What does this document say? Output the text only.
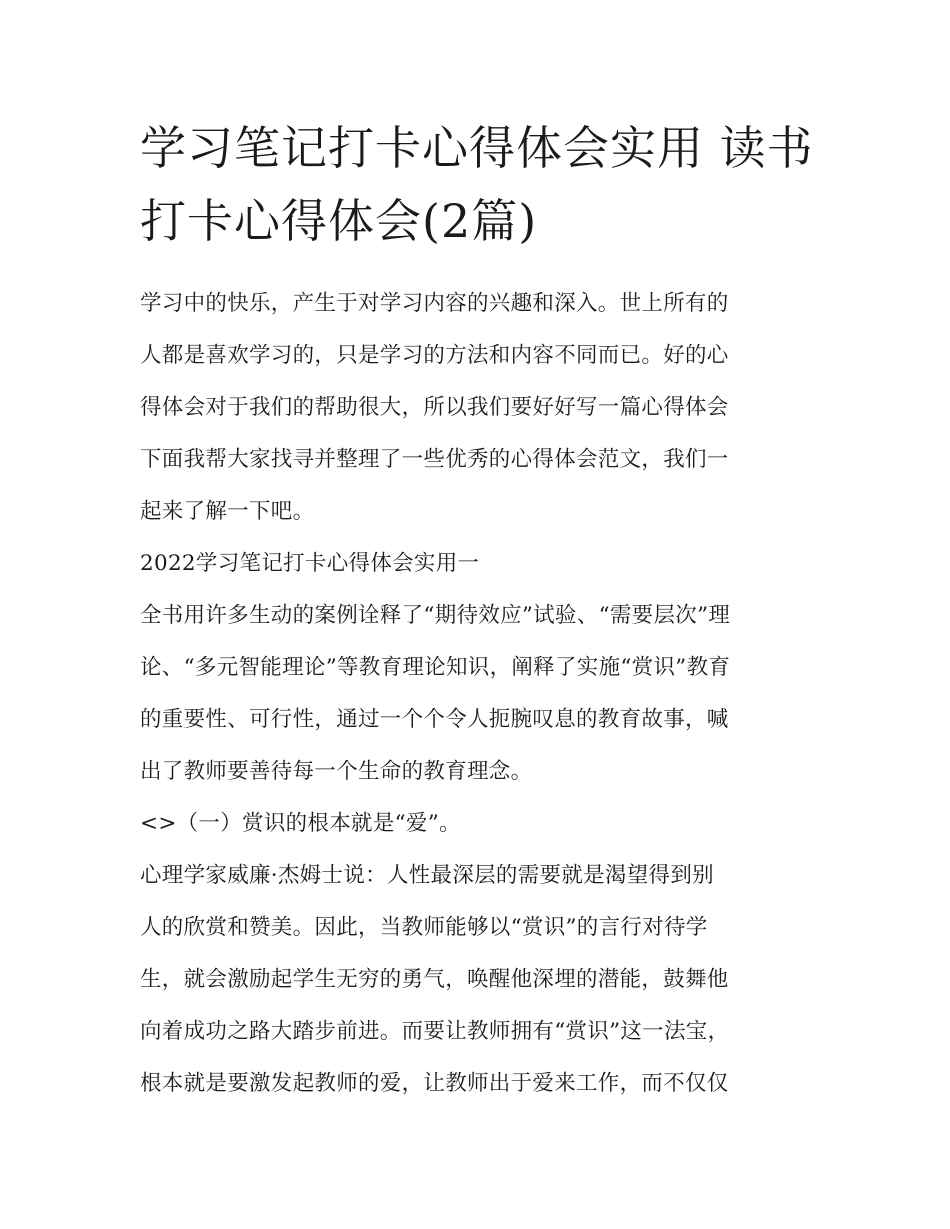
学习笔记打卡心得体会实用 读书打卡心得体会(2篇)
学习中的快乐，产生于对学习内容的兴趣和深入。世上所有的
人都是喜欢学习的，只是学习的方法和内容不同而已。好的心
得体会对于我们的帮助很大，所以我们要好好写一篇心得体会
下面我帮大家找寻并整理了一些优秀的心得体会范文，我们一
起来了解一下吧。
2022学习笔记打卡心得体会实用一
全书用许多生动的案例诠释了“期待效应”试验、“需要层次”理
论、“多元智能理论”等教育理论知识，阐释了实施“赏识”教育
的重要性、可行性，通过一个个令人扼腕叹息的教育故事，喊
出了教师要善待每一个生命的教育理念。
<>（一）赏识的根本就是“爱”。
心理学家威廉·杰姆士说：人性最深层的需要就是渴望得到别
人的欣赏和赞美。因此，当教师能够以“赏识”的言行对待学
生，就会激励起学生无穷的勇气，唤醒他深埋的潜能，鼓舞他
向着成功之路大踏步前进。而要让教师拥有“赏识”这一法宝，
根本就是要激发起教师的爱，让教师出于爱来工作，而不仅仅
